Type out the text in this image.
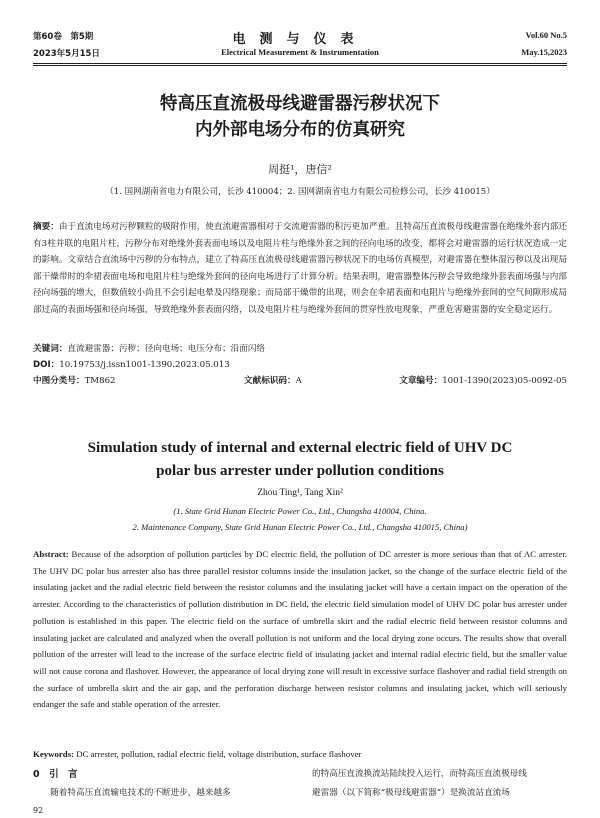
第60卷　第5期
2023年5月15日
电测与仪表
Electrical Measurement & Instrumentation
Vol.60 No.5
May.15,2023
特高压直流极母线避雷器污秽状况下
内外部电场分布的仿真研究
周挺¹，唐信²
（1. 国网湖南省电力有限公司，长沙 410004；2. 国网湖南省电力有限公司检修公司，长沙 410015）
摘要：由于直流电场对污秽颗粒的吸附作用，使直流避雷器相对于交流避雷器的积污更加严重。且特高压直流极母线避雷器在绝缘外套内部还有3柱并联的电阻片柱，污秽分布对绝缘外套表面电场以及电阻片柱与绝缘外套之间的径向电场的改变，都将会对避雷器的运行状况造成一定的影响。文章结合直流场中污秽的分布特点，建立了特高压直流极母线避雷器污秽状况下的电场仿真模型，对避雷器在整体湿污秽以及出现局部干燥带时的伞裙表面电场和电阻片柱与绝缘外套间的径向电场进行了计算分析。结果表明，避雷器整体污秽会导致绝缘外套表面场强与内部径向场强的增大，但数值较小尚且不会引起电晕及闪络现象；而局部干燥带的出现，则会在伞裙表面和电阻片与绝缘外套间的空气间隙形成局部过高的表面场强和径向场强，导致绝缘外套表面闪络，以及电阻片柱与绝缘外套间的贯穿性放电现象，严重危害避雷器的安全稳定运行。
关键词：直流避雷器；污秽；径向电场；电压分布；沿面闪络
DOI：10.19753/j.issn1001-1390.2023.05.013
中图分类号：TM862	文献标识码：A	文章编号：1001-1390(2023)05-0092-05
Simulation study of internal and external electric field of UHV DC
polar bus arrester under pollution conditions
Zhou Ting¹, Tang Xin²
(1. State Grid Hunan Electric Power Co., Ltd., Changsha 410004, China.
2. Maintenance Company, State Grid Hunan Electric Power Co., Ltd., Changsha 410015, China)
Abstract: Because of the adsorption of pollution particles by DC electric field, the pollution of DC arrester is more serious than that of AC arrester. The UHV DC polar bus arrester also has three parallel resistor columns inside the insulation jacket, so the change of the surface electric field of the insulating jacket and the radial electric field between the resistor columns and the insulating jacket will have a certain impact on the operation of the arrester. According to the characteristics of pollution distribution in DC field, the electric field simulation model of UHV DC polar bus arrester under pollution is established in this paper. The electric field on the surface of umbrella skirt and the radial electric field between resistor columns and insulating jacket are calculated and analyzed when the overall pollution is not uniform and the local drying zone occurs. The results show that overall pollution of the arrester will lead to the increase of the surface electric field of insulating jacket and internal radial electric field, but the smaller value will not cause corona and flashover. However, the appearance of local drying zone will result in excessive surface flashover and radial field strength on the surface of umbrella skirt and the air gap, and the perforation discharge between resistor columns and insulating jacket, which will seriously endanger the safe and stable operation of the arrester.
Keywords: DC arrester, pollution, radial electric field, voltage distribution, surface flashover
0　引　言
随着特高压直流输电技术的不断进步，越来越多
的特高压直流换流站陆续投入运行，而特高压直流极母线
避雷器（以下简称“极母线避雷器”）是换流站直流场
92
